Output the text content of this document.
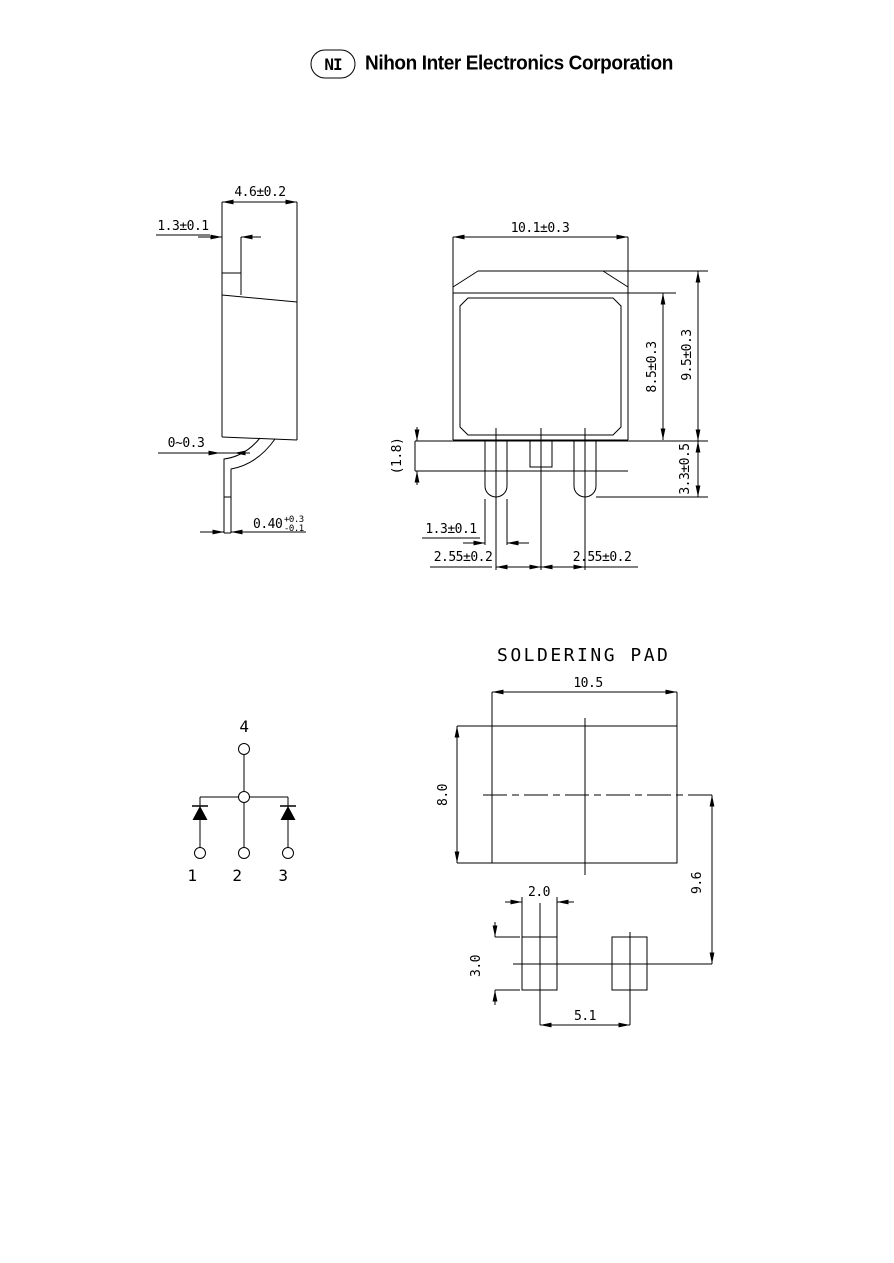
NI Nihon Inter Electronics Corporation
4.6±0.2
1.3±0.1
0~0.3
0.40 +0.3
-0.1
10.1±0.3
8.5±0.3 9.5±0.3
3.3±0.5
(1.8)
1.3±0.1
2.55±0.2	2.55±0.2
4
1 2 3
SOLDERING PAD
10.5
8.0
9.6
2.0
3.0
5.1
